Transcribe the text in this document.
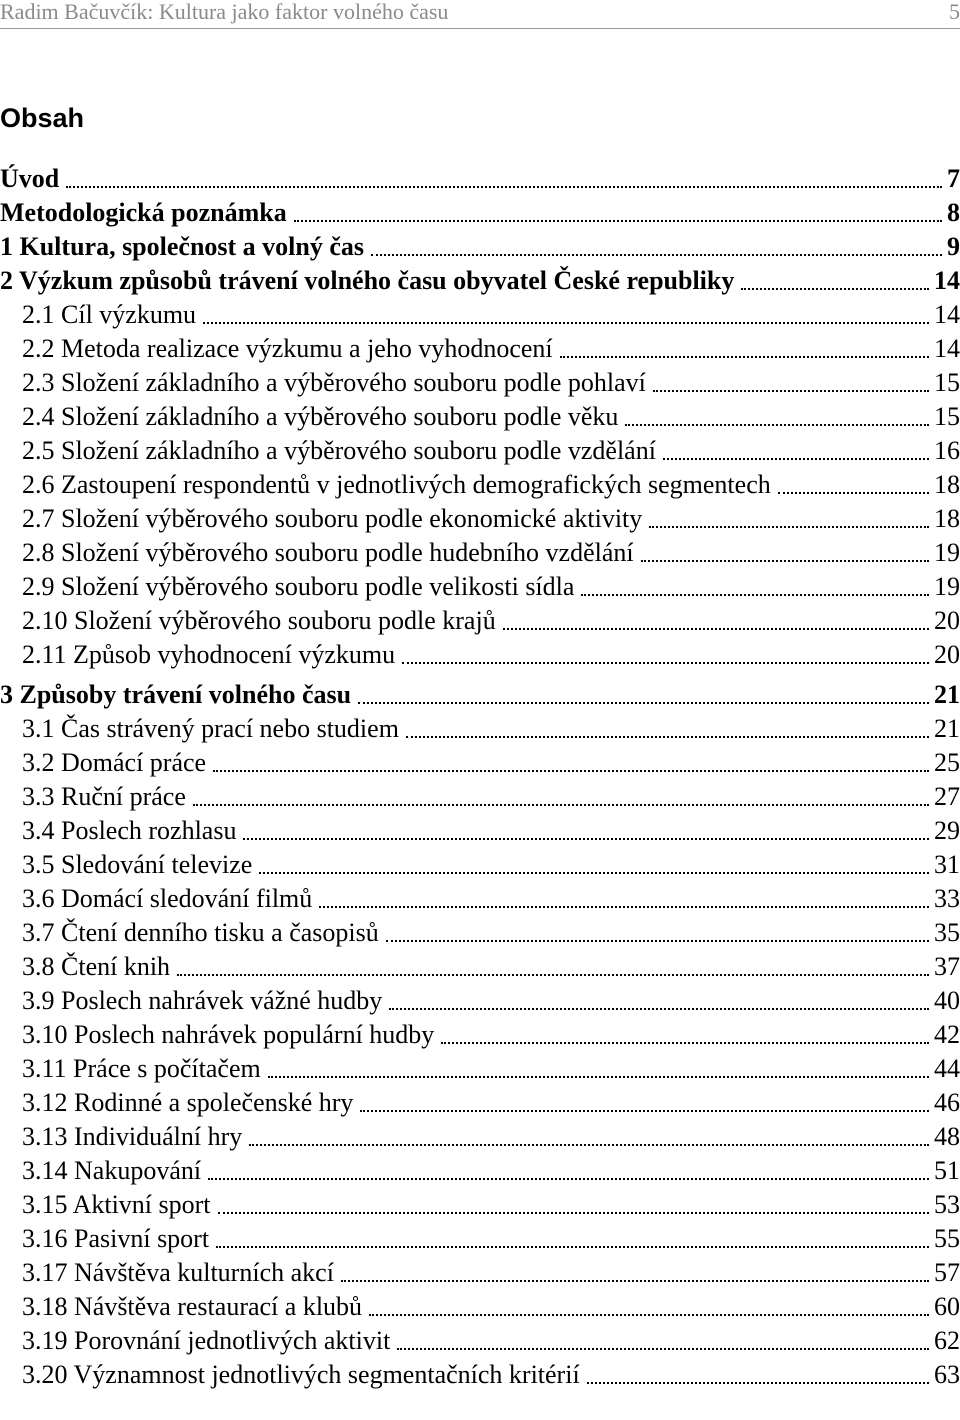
Radim Bačuvčík: Kultura jako faktor volného času	5
Obsah
Úvod	7
Metodologická poznámka	8
1 Kultura, společnost a volný čas	9
2 Výzkum způsobů trávení volného času obyvatel České republiky	14
2.1 Cíl výzkumu	14
2.2 Metoda realizace výzkumu a jeho vyhodnocení	14
2.3 Složení základního a výběrového souboru podle pohlaví	15
2.4 Složení základního a výběrového souboru podle věku	15
2.5 Složení základního a výběrového souboru podle vzdělání	16
2.6 Zastoupení respondentů v jednotlivých demografických segmentech	18
2.7 Složení výběrového souboru podle ekonomické aktivity	18
2.8 Složení výběrového souboru podle hudebního vzdělání	19
2.9 Složení výběrového souboru podle velikosti sídla	19
2.10 Složení výběrového souboru podle krajů	20
2.11 Způsob vyhodnocení výzkumu	20
3 Způsoby trávení volného času	21
3.1 Čas strávený prací nebo studiem	21
3.2 Domácí práce	25
3.3 Ruční práce	27
3.4 Poslech rozhlasu	29
3.5 Sledování televize	31
3.6 Domácí sledování filmů	33
3.7 Čtení denního tisku a časopisů	35
3.8 Čtení knih	37
3.9 Poslech nahrávek vážné hudby	40
3.10 Poslech nahrávek populární hudby	42
3.11 Práce s počítačem	44
3.12 Rodinné a společenské hry	46
3.13 Individuální hry	48
3.14 Nakupování	51
3.15 Aktivní sport	53
3.16 Pasivní sport	55
3.17 Návštěva kulturních akcí	57
3.18 Návštěva restaurací a klubů	60
3.19 Porovnání jednotlivých aktivit	62
3.20 Významnost jednotlivých segmentačních kritérií	63
